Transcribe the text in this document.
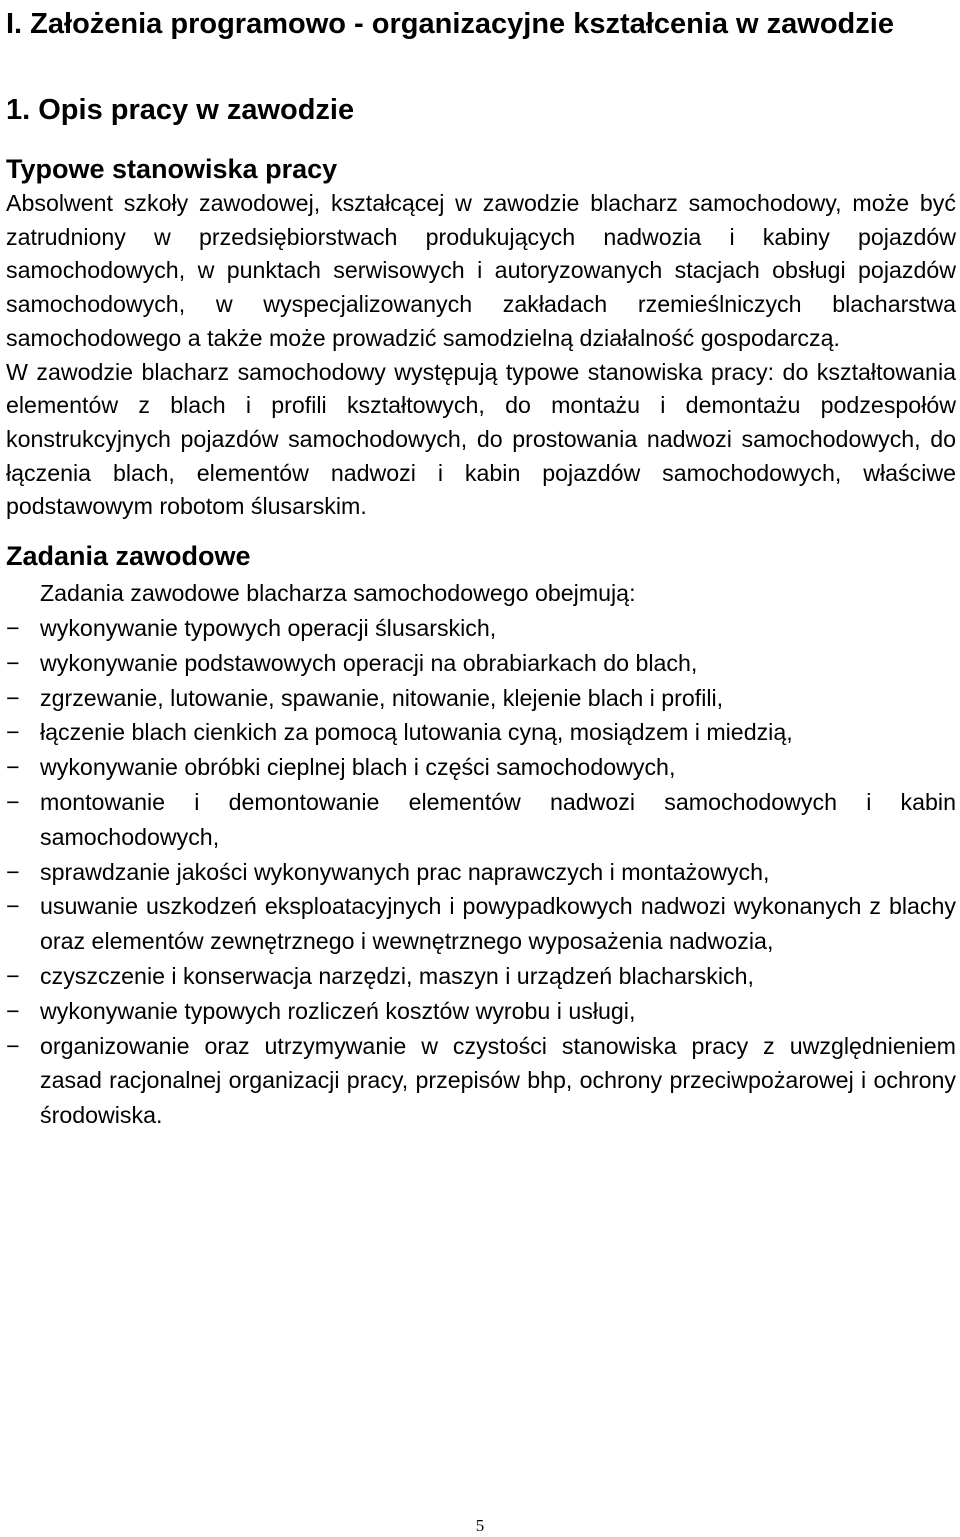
I. Założenia programowo - organizacyjne kształcenia w zawodzie
1. Opis pracy w zawodzie
Typowe stanowiska pracy

Absolwent szkoły zawodowej, kształcącej w zawodzie blacharz samochodowy, może być zatrudniony w przedsiębiorstwach produkujących nadwozia i kabiny pojazdów samochodowych, w punktach serwisowych i autoryzowanych stacjach obsługi pojazdów samochodowych, w wyspecjalizowanych zakładach rzemieślniczych blacharstwa samochodowego a także może prowadzić samodzielną działalność gospodarczą.

W zawodzie blacharz samochodowy występują typowe stanowiska pracy: do kształtowania elementów z blach i profili kształtowych, do montażu i demontażu podzespołów konstrukcyjnych pojazdów samochodowych, do prostowania nadwozi samochodowych, do łączenia blach, elementów nadwozi i kabin pojazdów samochodowych, właściwe podstawowym robotom ślusarskim.

Zadania zawodowe

Zadania zawodowe blacharza samochodowego obejmują:

− wykonywanie typowych operacji ślusarskich,
− wykonywanie podstawowych operacji na obrabiarkach do blach,
− zgrzewanie, lutowanie, spawanie, nitowanie, klejenie blach i profili,
− łączenie blach cienkich za pomocą lutowania cyną, mosiądzem i miedzią,
− wykonywanie obróbki cieplnej blach i części samochodowych,
− montowanie i demontowanie elementów nadwozi samochodowych i kabin samochodowych,
− sprawdzanie jakości wykonywanych prac naprawczych i montażowych,
− usuwanie uszkodzeń eksploatacyjnych i powypadkowych nadwozi wykonanych z blachy oraz elementów zewnętrznego i wewnętrznego wyposażenia nadwozia,
− czyszczenie i konserwacja narzędzi, maszyn i urządzeń blacharskich,
− wykonywanie typowych rozliczeń kosztów wyrobu i usługi,
− organizowanie oraz utrzymywanie w czystości stanowiska pracy z uwzględnieniem zasad racjonalnej organizacji pracy, przepisów bhp, ochrony przeciwpożarowej i ochrony środowiska.
5
